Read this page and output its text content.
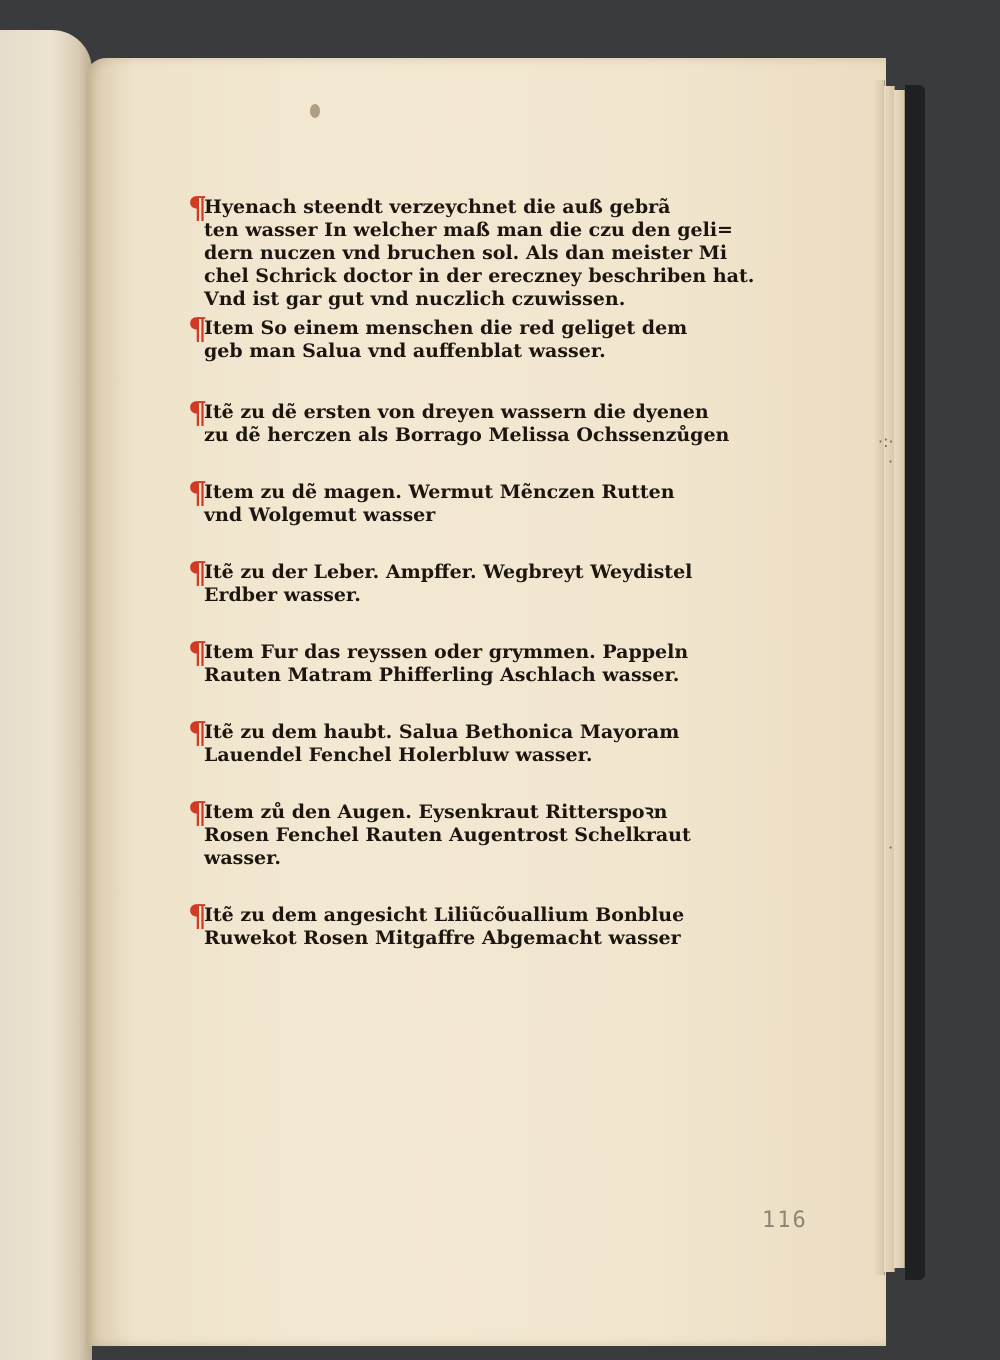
¶
Hyenach steendt verzeychnet die auß gebrã
ten wasser In welcher maß man die czu den geli=
dern nuczen vnd bruchen sol. Als dan meister Mi
chel Schrick doctor in der ereczney beschriben hat.
Vnd ist gar gut vnd nuczlich czuwissen.
¶
Item So einem menschen die red geliget dem
geb man Salua vnd auffenblat wasser.
¶
Itẽ zu dẽ ersten von dreyen wassern die dyenen
zu dẽ herczen als Borrago Melissa Ochssenzůgen
¶
Item zu dẽ magen. Wermut Mẽnczen Rutten
vnd Wolgemut wasser
¶
Itẽ zu der Leber. Ampffer. Wegbreyt Weydistel
Erdber wasser.
¶
Item Fur das reyssen oder grymmen. Pappeln
Rauten Matram Phifferling Aschlach wasser.
¶
Itẽ zu dem haubt. Salua Bethonica Mayoram
Lauendel Fenchel Holerbluw wasser.
¶
Item zů den Augen. Eysenkraut Ritterspoꝛn
Rosen Fenchel Rauten Augentrost Schelkraut
wasser.
¶
Itẽ zu dem angesicht Liliũcõuallium Bonblue
Ruwekot Rosen Mitgaffre Abgemacht wasser
·:·
·
·
116
